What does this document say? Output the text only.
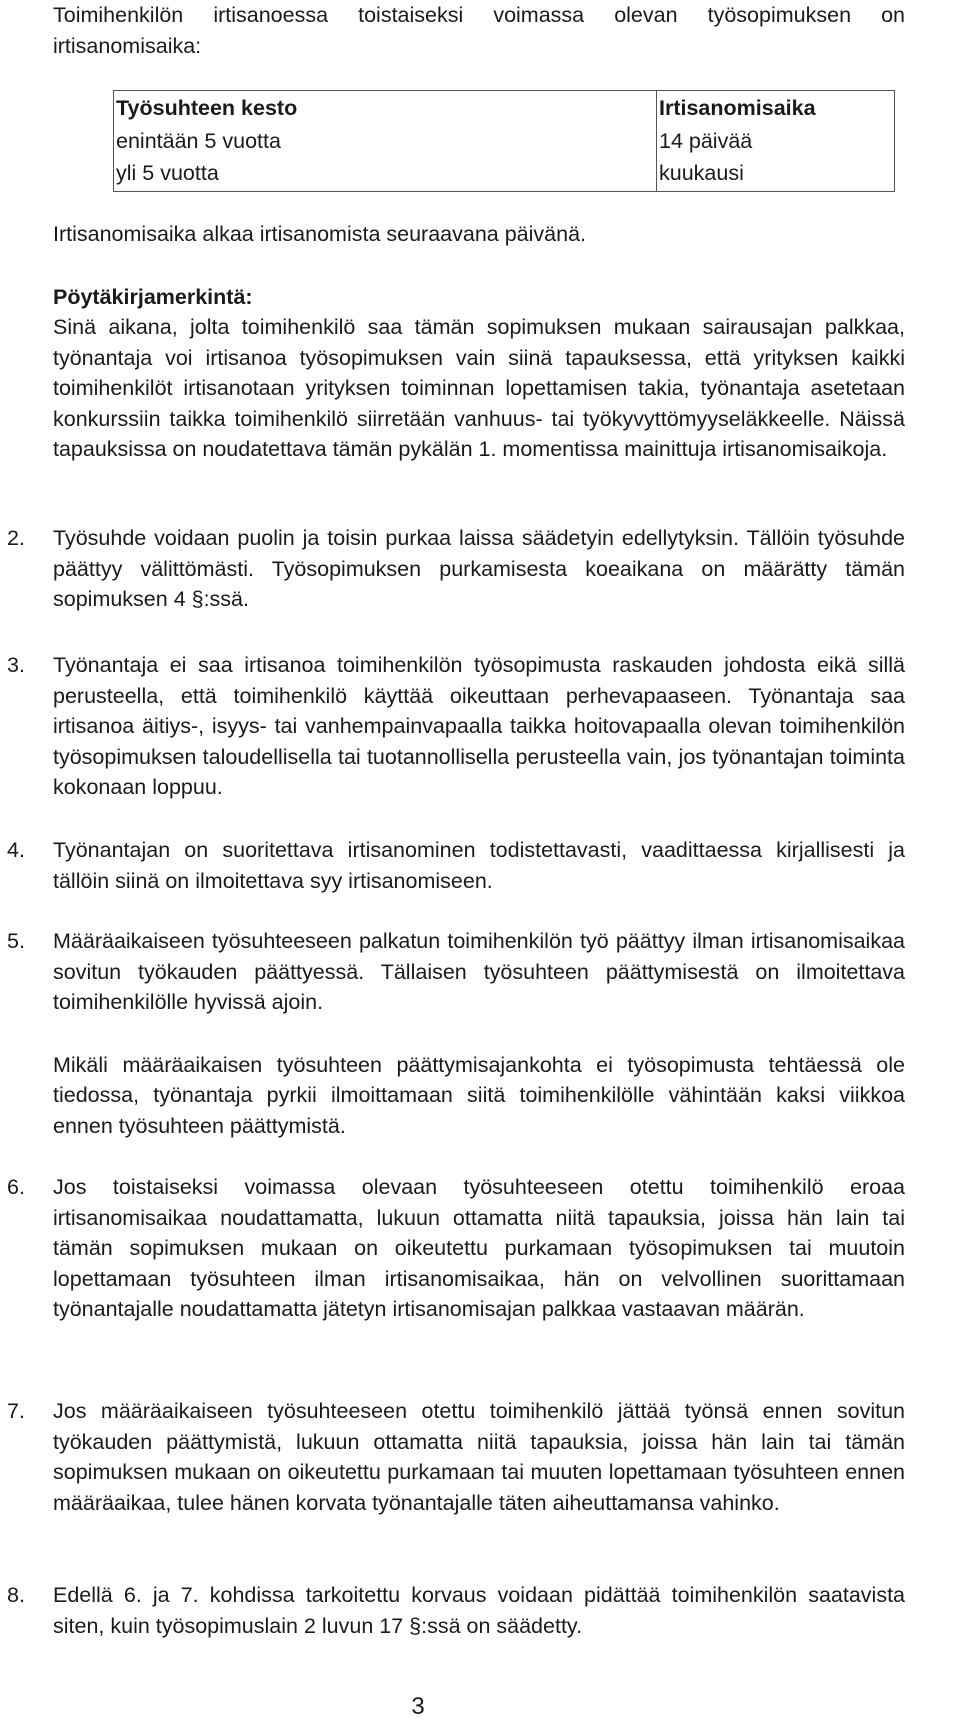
Toimihenkilön irtisanoessa toistaiseksi voimassa olevan työsopimuksen on irtisanomisaika:
Työsuhteen kesto	Irtisanomisaika
enintään 5 vuotta	14 päivää
yli 5 vuotta	kuukausi
Irtisanomisaika alkaa irtisanomista seuraavana päivänä.
Pöytäkirjamerkintä:
Sinä aikana, jolta toimihenkilö saa tämän sopimuksen mukaan sairausajan palkkaa, työnantaja voi irtisanoa työsopimuksen vain siinä tapauksessa, että yrityksen kaikki toimihenkilöt irtisanotaan yrityksen toiminnan lopettamisen takia, työnantaja asetetaan konkurssiin taikka toimihenkilö siirretään vanhuus- tai työkyvyttömyyseläkkeelle. Näissä tapauksissa on noudatettava tämän pykälän 1. momentissa mainittuja irtisanomisaikoja.
2.	Työsuhde voidaan puolin ja toisin purkaa laissa säädetyin edellytyksin. Tällöin työsuhde päättyy välittömästi. Työsopimuksen purkamisesta koeaikana on määrätty tämän sopimuksen 4 §:ssä.
3.	Työnantaja ei saa irtisanoa toimihenkilön työsopimusta raskauden johdosta eikä sillä perusteella, että toimihenkilö käyttää oikeuttaan perhevapaaseen. Työnantaja saa irtisanoa äitiys-, isyys- tai vanhempainvapaalla taikka hoitovapaalla olevan toimihenkilön työsopimuksen taloudellisella tai tuotannollisella perusteella vain, jos työnantajan toiminta kokonaan loppuu.
4.	Työnantajan on suoritettava irtisanominen todistettavasti, vaadittaessa kirjallisesti ja tällöin siinä on ilmoitettava syy irtisanomiseen.
5.	Määräaikaiseen työsuhteeseen palkatun toimihenkilön työ päättyy ilman irtisanomisaikaa sovitun työkauden päättyessä. Tällaisen työsuhteen päättymisestä on ilmoitettava toimihenkilölle hyvissä ajoin.
Mikäli määräaikaisen työsuhteen päättymisajankohta ei työsopimusta tehtäessä ole tiedossa, työnantaja pyrkii ilmoittamaan siitä toimihenkilölle vähintään kaksi viikkoa ennen työsuhteen päättymistä.
6.	Jos toistaiseksi voimassa olevaan työsuhteeseen otettu toimihenkilö eroaa irtisanomisaikaa noudattamatta, lukuun ottamatta niitä tapauksia, joissa hän lain tai tämän sopimuksen mukaan on oikeutettu purkamaan työsopimuksen tai muutoin lopettamaan työsuhteen ilman irtisanomisaikaa, hän on velvollinen suorittamaan työnantajalle noudattamatta jätetyn irtisanomisajan palkkaa vastaavan määrän.
7.	Jos määräaikaiseen työsuhteeseen otettu toimihenkilö jättää työnsä ennen sovitun työkauden päättymistä, lukuun ottamatta niitä tapauksia, joissa hän lain tai tämän sopimuksen mukaan on oikeutettu purkamaan tai muuten lopettamaan työsuhteen ennen määräaikaa, tulee hänen korvata työnantajalle täten aiheuttamansa vahinko.
8.	Edellä 6. ja 7. kohdissa tarkoitettu korvaus voidaan pidättää toimihenkilön saatavista siten, kuin työsopimuslain 2 luvun 17 §:ssä on säädetty.
3
